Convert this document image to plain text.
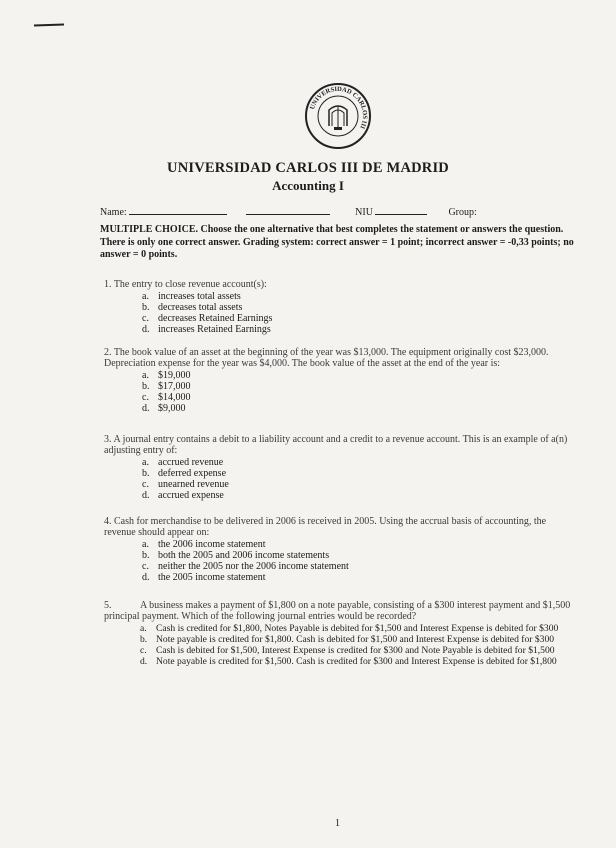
UNIVERSIDAD CARLOS III
UNIVERSIDAD CARLOS III DE MADRID
Accounting I
Name:	NIU	Group:
MULTIPLE CHOICE. Choose the one alternative that best completes the statement or answers the question. There is only one correct answer. Grading system: correct answer = 1 point; incorrect answer = -0,33 points; no answer = 0 points.
1. The entry to close revenue account(s):
a. increases total assets
b. decreases total assets
c. decreases Retained Earnings
d. increases Retained Earnings
2. The book value of an asset at the beginning of the year was $13,000. The equipment originally cost $23,000. Depreciation expense for the year was $4,000. The book value of the asset at the end of the year is:
a. $19,000
b. $17,000
c. $14,000
d. $9,000
3. A journal entry contains a debit to a liability account and a credit to a revenue account. This is an example of a(n) adjusting entry of:
a. accrued revenue
b. deferred expense
c. unearned revenue
d. accrued expense
4. Cash for merchandise to be delivered in 2006 is received in 2005. Using the accrual basis of accounting, the revenue should appear on:
a. the 2006 income statement
b. both the 2005 and 2006 income statements
c. neither the 2005 nor the 2006 income statement
d. the 2005 income statement
5.	A business makes a payment of $1,800 on a note payable, consisting of a $300 interest payment and $1,500 principal payment. Which of the following journal entries would be recorded?
a. Cash is credited for $1,800, Notes Payable is debited for $1,500 and Interest Expense is debited for $300
b. Note payable is credited for $1,800. Cash is debited for $1,500 and Interest Expense is debited for $300
c. Cash is debited for $1,500, Interest Expense is credited for $300 and Note Payable is debited for $1,500
d. Note payable is credited for $1,500. Cash is credited for $300 and Interest Expense is debited for $1,800
1
